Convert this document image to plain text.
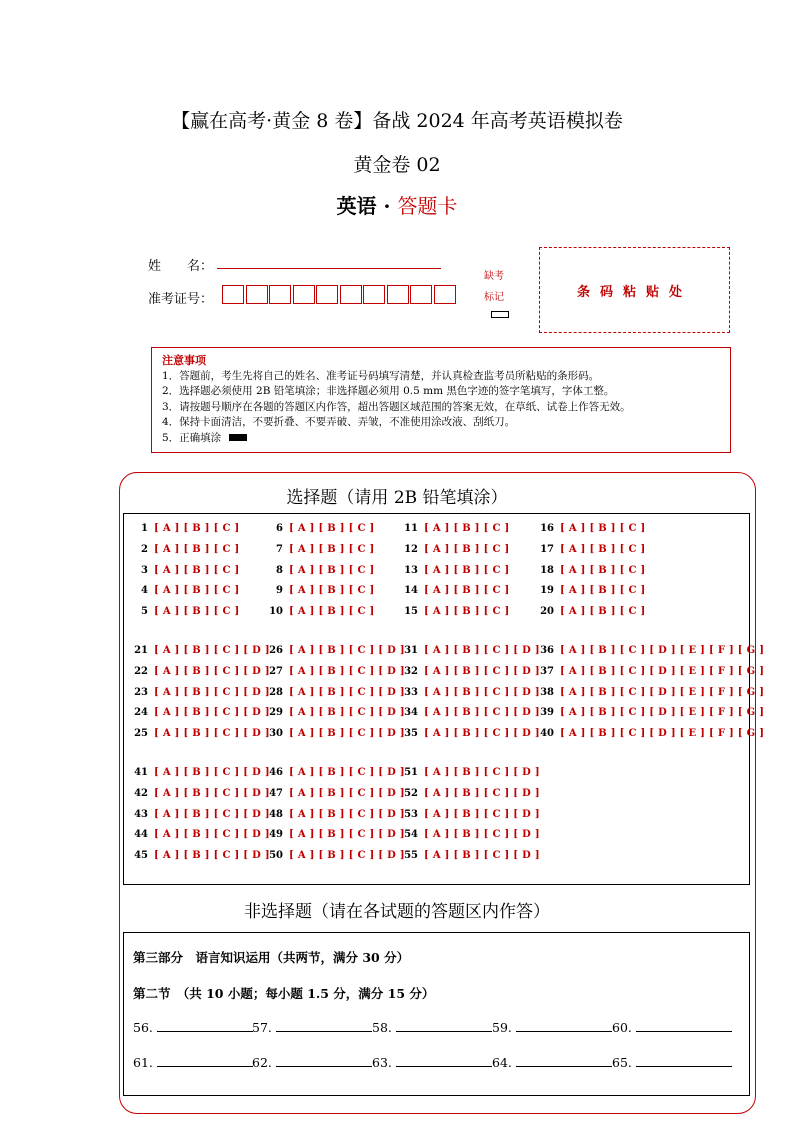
【赢在高考·黄金 8 卷】备战 2024 年高考英语模拟卷
黄金卷 02
英语 · 答题卡
姓　　名：
准考证号：
缺考
标记	条码粘贴处
注意事项
1．答题前，考生先将自己的姓名、准考证号码填写清楚，并认真检查监考员所粘贴的条形码。
2．选择题必须使用 2B 铅笔填涂；非选择题必须用 0.5 mm 黑色字迹的签字笔填写，字体工整。
3．请按题号顺序在各题的答题区内作答，超出答题区域范围的答案无效，在草纸、试卷上作答无效。
4．保持卡面清洁，不要折叠、不要弄破、弄皱，不准使用涂改液、刮纸刀。
5．正确填涂
选择题（请用 2B 铅笔填涂）
1 [ A ] [ B ] [ C ]
2 [ A ] [ B ] [ C ]
3 [ A ] [ B ] [ C ]
4 [ A ] [ B ] [ C ]
5 [ A ] [ B ] [ C ]
6 [ A ] [ B ] [ C ]
7 [ A ] [ B ] [ C ]
8 [ A ] [ B ] [ C ]
9 [ A ] [ B ] [ C ]
10 [ A ] [ B ] [ C ]
11 [ A ] [ B ] [ C ]
12 [ A ] [ B ] [ C ]
13 [ A ] [ B ] [ C ]
14 [ A ] [ B ] [ C ]
15 [ A ] [ B ] [ C ]
16 [ A ] [ B ] [ C ]
17 [ A ] [ B ] [ C ]
18 [ A ] [ B ] [ C ]
19 [ A ] [ B ] [ C ]
20 [ A ] [ B ] [ C ]
21 [ A ] [ B ] [ C ] [ D ]
22 [ A ] [ B ] [ C ] [ D ]
23 [ A ] [ B ] [ C ] [ D ]
24 [ A ] [ B ] [ C ] [ D ]
25 [ A ] [ B ] [ C ] [ D ]
26 [ A ] [ B ] [ C ] [ D ]
27 [ A ] [ B ] [ C ] [ D ]
28 [ A ] [ B ] [ C ] [ D ]
29 [ A ] [ B ] [ C ] [ D ]
30 [ A ] [ B ] [ C ] [ D ]
31 [ A ] [ B ] [ C ] [ D ]
32 [ A ] [ B ] [ C ] [ D ]
33 [ A ] [ B ] [ C ] [ D ]
34 [ A ] [ B ] [ C ] [ D ]
35 [ A ] [ B ] [ C ] [ D ]
36 [ A ] [ B ] [ C ] [ D ] [ E ] [ F ] [ G ]
37 [ A ] [ B ] [ C ] [ D ] [ E ] [ F ] [ G ]
38 [ A ] [ B ] [ C ] [ D ] [ E ] [ F ] [ G ]
39 [ A ] [ B ] [ C ] [ D ] [ E ] [ F ] [ G ]
40 [ A ] [ B ] [ C ] [ D ] [ E ] [ F ] [ G ]
41 [ A ] [ B ] [ C ] [ D ]
42 [ A ] [ B ] [ C ] [ D ]
43 [ A ] [ B ] [ C ] [ D ]
44 [ A ] [ B ] [ C ] [ D ]
45 [ A ] [ B ] [ C ] [ D ]
46 [ A ] [ B ] [ C ] [ D ]
47 [ A ] [ B ] [ C ] [ D ]
48 [ A ] [ B ] [ C ] [ D ]
49 [ A ] [ B ] [ C ] [ D ]
50 [ A ] [ B ] [ C ] [ D ]
51 [ A ] [ B ] [ C ] [ D ]
52 [ A ] [ B ] [ C ] [ D ]
53 [ A ] [ B ] [ C ] [ D ]
54 [ A ] [ B ] [ C ] [ D ]
55 [ A ] [ B ] [ C ] [ D ]
非选择题（请在各试题的答题区内作答）
第三部分　语言知识运用（共两节，满分 30 分）
第二节　（共 10 小题；每小题 1.5 分，满分 15 分）
56.	57.	58.	59.	60.
61.	62.	63.	64.	65.
